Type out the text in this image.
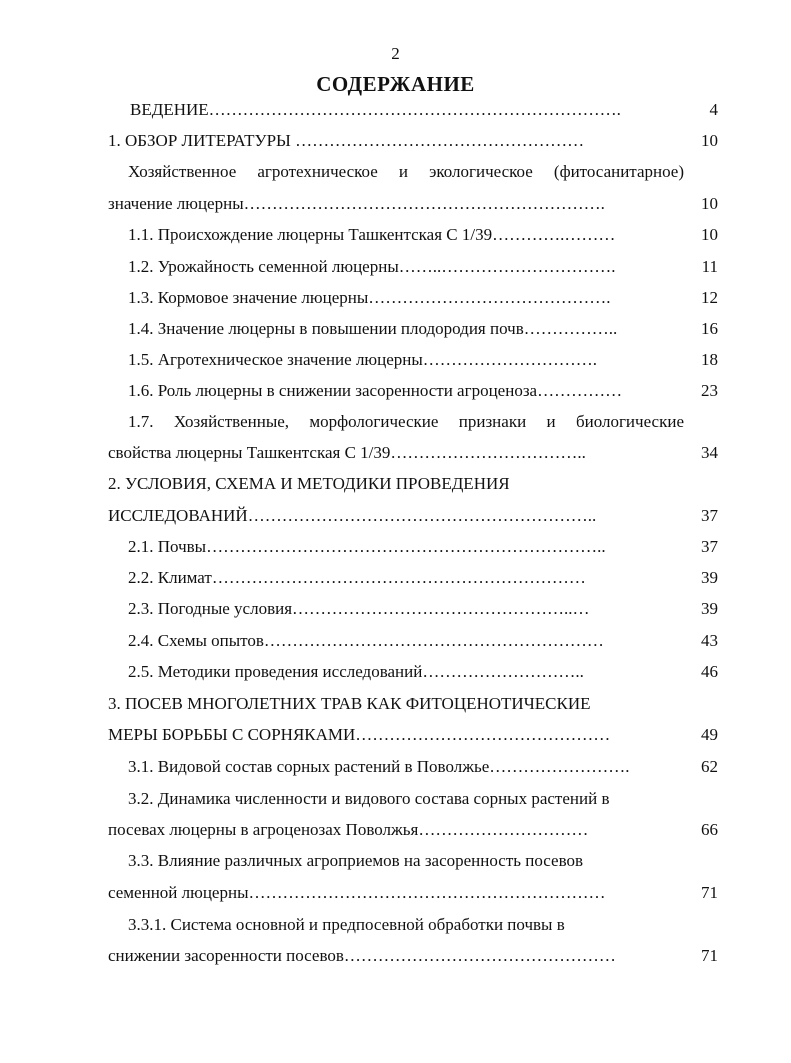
2
СОДЕРЖАНИЕ
ВЕДЕНИЕ……………………………………………………………….	4
1. ОБЗОР ЛИТЕРАТУРЫ ……………………………………………	10
Хозяйственное агротехническое и экологическое (фитосанитарное)
значение люцерны……………………………………………………….	10
1.1. Происхождение люцерны Ташкентская С 1/39………….………	10
1.2. Урожайность семенной люцерны……..………………………….	11
1.3. Кормовое значение люцерны…………………………………….	12
1.4. Значение люцерны в повышении плодородия почв……………..	16
1.5. Агротехническое значение люцерны………………………….	18
1.6. Роль люцерны в снижении засоренности агроценоза……………	23
1.7. Хозяйственные, морфологические признаки и биологические
свойства люцерны Ташкентская С 1/39……………………………..	34
2. УСЛОВИЯ, СХЕМА И МЕТОДИКИ ПРОВЕДЕНИЯ
ИССЛЕДОВАНИЙ……………………………………………………..	37
2.1. Почвы……………………………………………………………..	37
2.2. Климат…………………………………………………………	39
2.3. Погодные условия…………………………………………..…	39
2.4. Схемы опытов……………………………………………………	43
2.5. Методики проведения исследований………………………..	46
3. ПОСЕВ МНОГОЛЕТНИХ ТРАВ КАК ФИТОЦЕНОТИЧЕСКИЕ
МЕРЫ БОРЬБЫ С СОРНЯКАМИ………………………………………	49
3.1. Видовой состав сорных растений в Поволжье…………………….	62
3.2. Динамика численности и видового состава сорных растений в
посевах люцерны в агроценозах Поволжья…………………………	66
3.3. Влияние различных агроприемов на засоренность посевов
семенной люцерны………………………………………………………	71
3.3.1. Система основной и предпосевной обработки почвы в
снижении засоренности посевов…………………………………………	71
